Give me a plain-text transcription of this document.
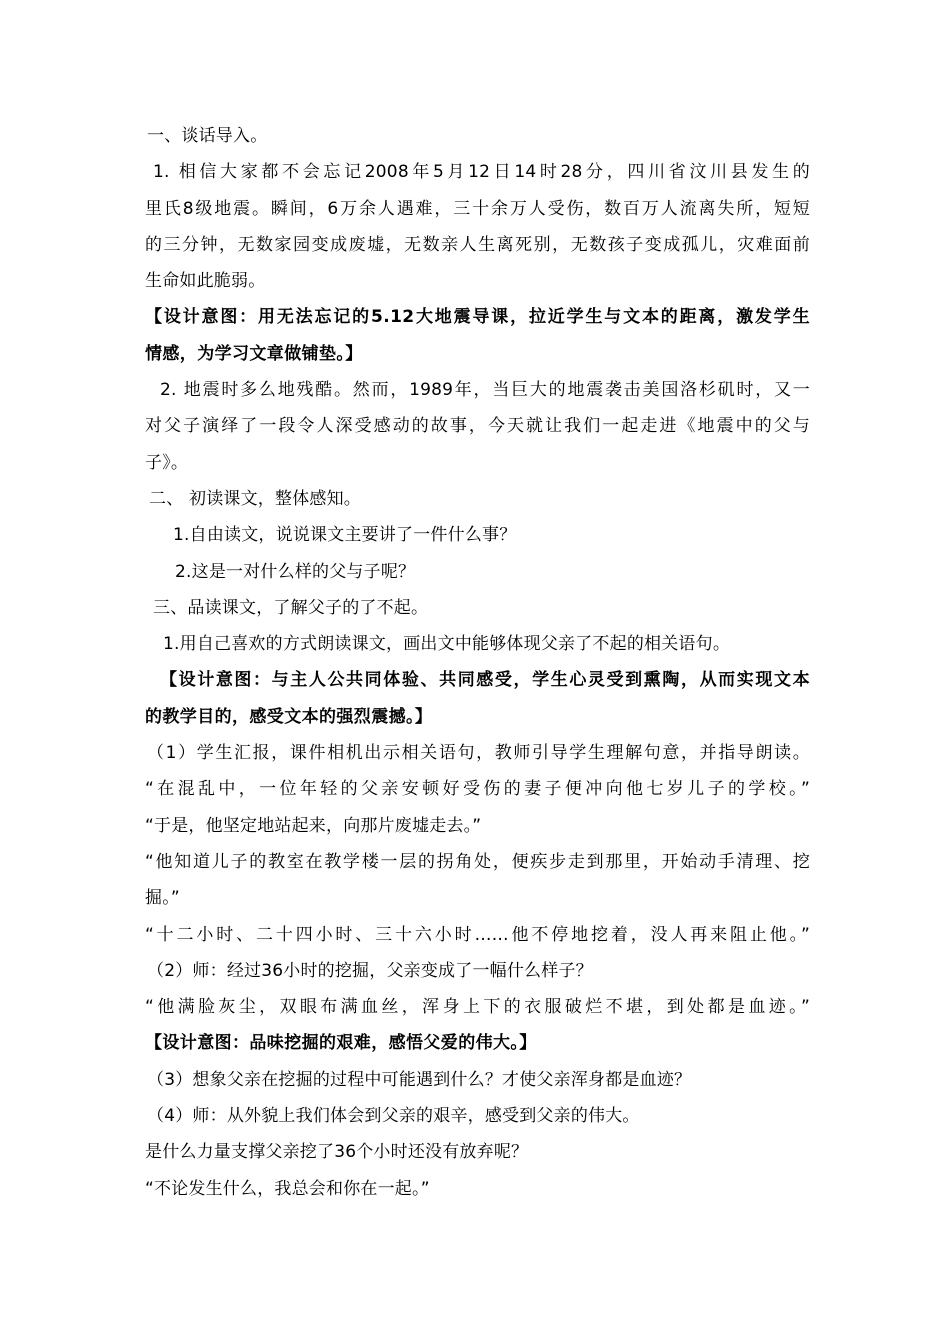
一、谈话导入。
1. 相信大家都不会忘记2008年5月12日14时28分，四川省汶川县发生的
里氏8级地震。瞬间，6万余人遇难，三十余万人受伤，数百万人流离失所，短短
的三分钟，无数家园变成废墟，无数亲人生离死别，无数孩子变成孤儿，灾难面前
生命如此脆弱。
【设计意图：用无法忘记的5.12大地震导课，拉近学生与文本的距离，激发学生
情感，为学习文章做铺垫。】
2. 地震时多么地残酷。然而，1989年，当巨大的地震袭击美国洛杉矶时，又一
对父子演绎了一段令人深受感动的故事，今天就让我们一起走进《地震中的父与
子》。
二、 初读课文，整体感知。
1.自由读文，说说课文主要讲了一件什么事？
2.这是一对什么样的父与子呢？
三、品读课文，了解父子的了不起。
1.用自己喜欢的方式朗读课文，画出文中能够体现父亲了不起的相关语句。
【设计意图：与主人公共同体验、共同感受，学生心灵受到熏陶，从而实现文本
的教学目的，感受文本的强烈震撼。】
（1）学生汇报，课件相机出示相关语句，教师引导学生理解句意，并指导朗读。
“在混乱中，一位年轻的父亲安顿好受伤的妻子便冲向他七岁儿子的学校。”
“于是，他坚定地站起来，向那片废墟走去。”
“他知道儿子的教室在教学楼一层的拐角处，便疾步走到那里，开始动手清理、挖
掘。”
“十二小时、二十四小时、三十六小时……他不停地挖着，没人再来阻止他。”
（2）师：经过36小时的挖掘，父亲变成了一幅什么样子？
“他满脸灰尘，双眼布满血丝，浑身上下的衣服破烂不堪，到处都是血迹。”
【设计意图：品味挖掘的艰难，感悟父爱的伟大。】
（3）想象父亲在挖掘的过程中可能遇到什么？才使父亲浑身都是血迹？
（4）师：从外貌上我们体会到父亲的艰辛，感受到父亲的伟大。
是什么力量支撑父亲挖了36个小时还没有放弃呢？
“不论发生什么，我总会和你在一起。”
